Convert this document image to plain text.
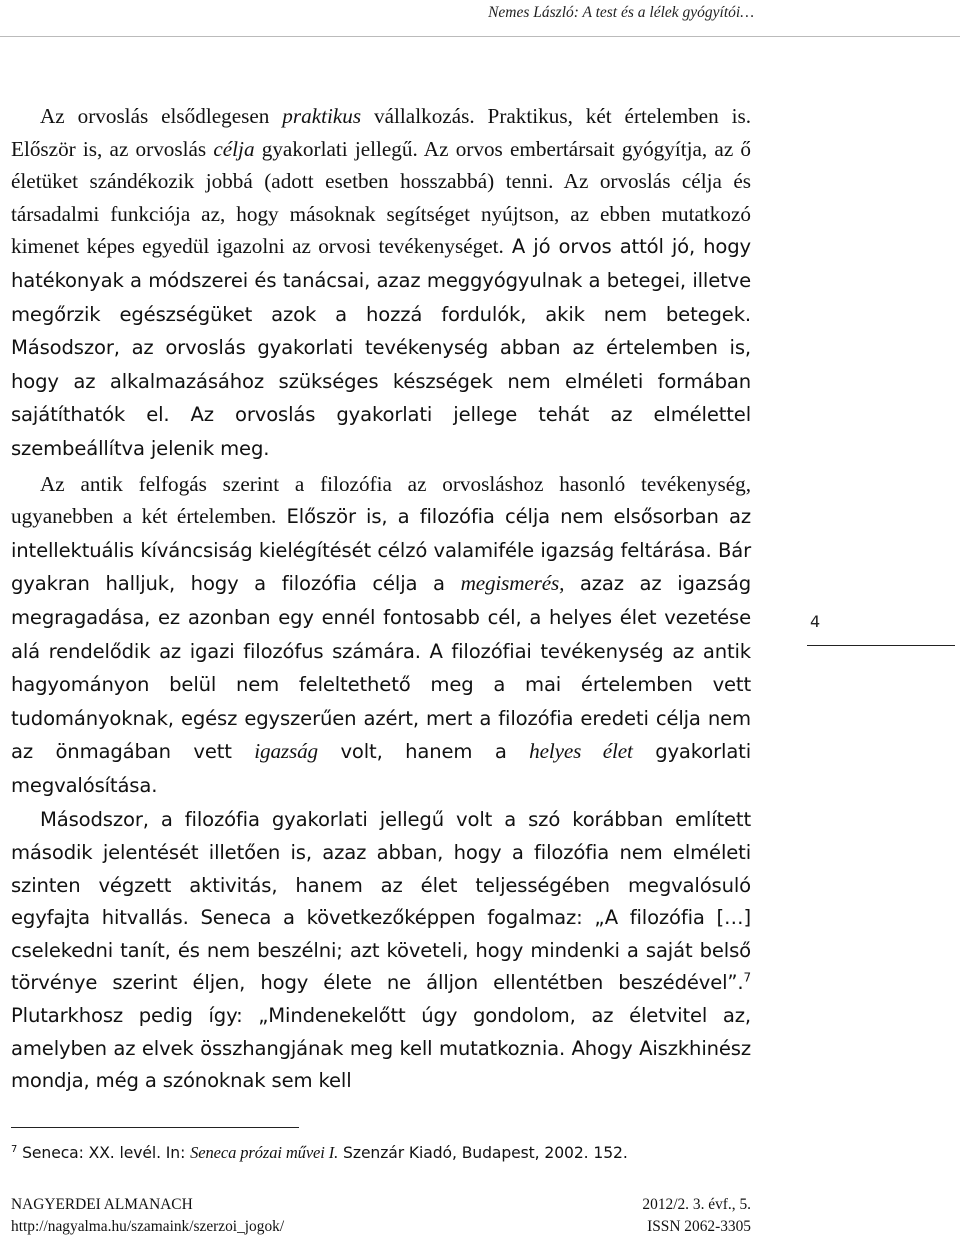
Nemes László: A test és a lélek gyógyítói…

Az orvoslás elsődlegesen praktikus vállalkozás. Praktikus, két értelemben is. Először is, az orvoslás célja gyakorlati jellegű. Az orvos embertársait gyógyítja, az ő életüket szándékozik jobbá (adott esetben hosszabbá) tenni. Az orvoslás célja és társadalmi funkciója az, hogy másoknak segítséget nyújtson, az ebben mutatkozó kimenet képes egyedül igazolni az orvosi tevékenységet. A jó orvos attól jó, hogy hatékonyak a módszerei és tanácsai, azaz meggyógyulnak a betegei, illetve megőrzik egészségüket azok a hozzá fordulók, akik nem betegek. Másodszor, az orvoslás gyakorlati tevékenység abban az értelemben is, hogy az alkalmazásához szükséges készségek nem elméleti formában sajátíthatók el. Az orvoslás gyakorlati jellege tehát az elmélettel szembeállítva jelenik meg.

Az antik felfogás szerint a filozófia az orvosláshoz hasonló tevékenység, ugyanebben a két értelemben. Először is, a filozófia célja nem elsősorban az intellektuális kíváncsiság kielégítését célzó valamiféle igazság feltárása. Bár gyakran halljuk, hogy a filozófia célja a megismerés, azaz az igazság megragadása, ez azonban egy ennél fontosabb cél, a helyes élet vezetése alá rendelődik az igazi filozófus számára. A filozófiai tevékenység az antik hagyományon belül nem feleltethető meg a mai értelemben vett tudományoknak, egész egyszerűen azért, mert a filozófia eredeti célja nem az önmagában vett igazság volt, hanem a helyes élet gyakorlati megvalósítása.

Másodszor, a filozófia gyakorlati jellegű volt a szó korábban említett második jelentését illetően is, azaz abban, hogy a filozófia nem elméleti szinten végzett aktivitás, hanem az élet teljességében megvalósuló egyfajta hitvallás. Seneca a következőképpen fogalmaz: „A filozófia […] cselekedni tanít, és nem beszélni; azt követeli, hogy mindenki a saját belső törvénye szerint éljen, hogy élete ne álljon ellentétben beszédével”.$^7$ Plutarkhosz pedig így: „Mindenekelőtt úgy gondolom, az életvitel az, amelyben az elvek összhangjának meg kell mutatkoznia. Ahogy Aiszkhinész mondja, még a szónoknak sem kell

4
$^7$ Seneca: XX. levél. In: Seneca prózai művei I. Szenzár Kiadó, Budapest, 2002. 152.
NAGYERDEI ALMANACH	2012/2. 3. évf., 5.
http://nagyalma.hu/szamaink/szerzoi_jogok/	ISSN 2062-3305
